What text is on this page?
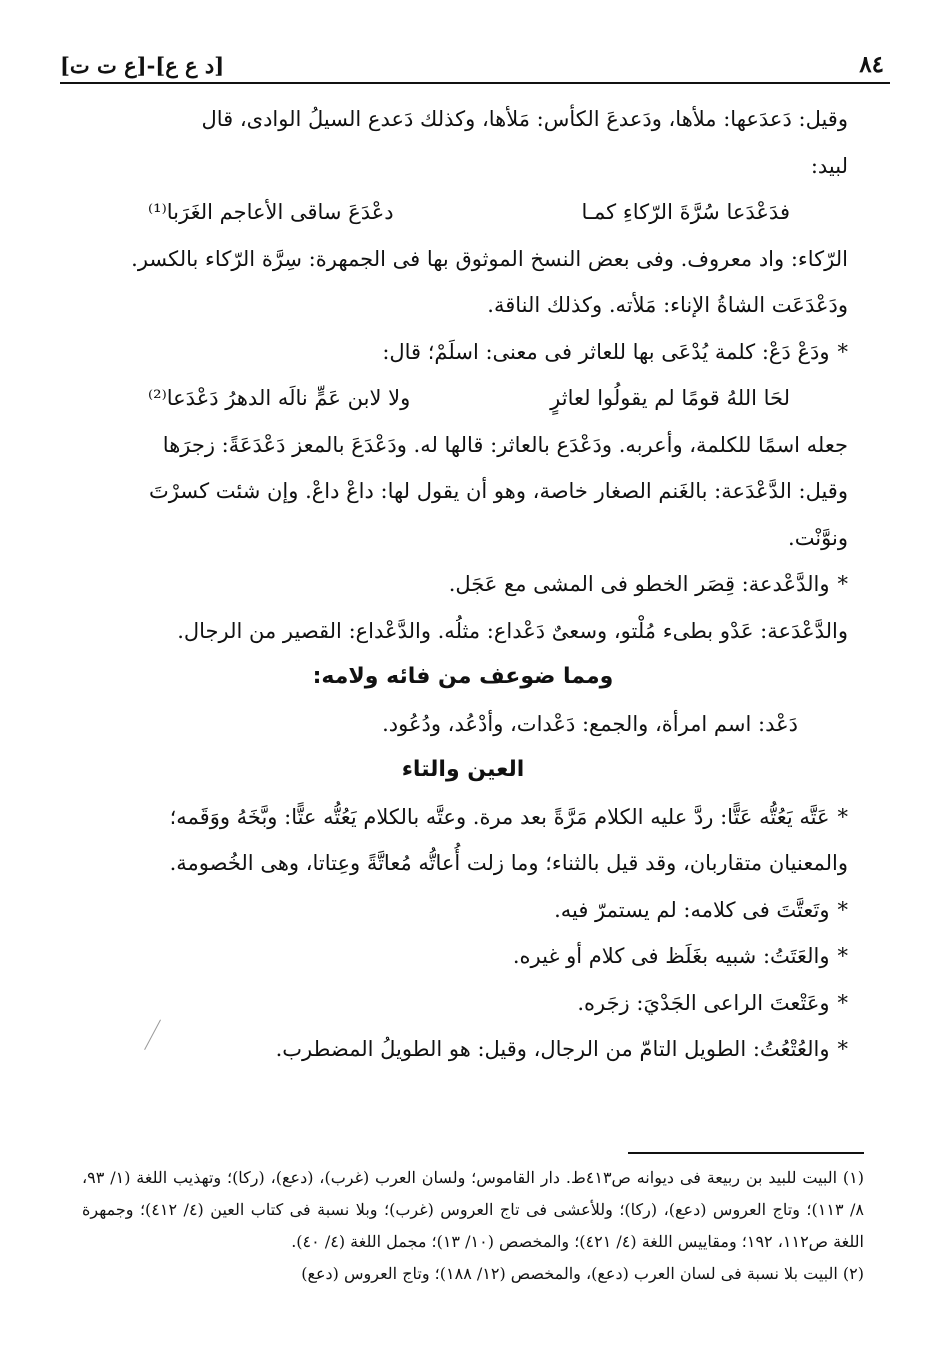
[د ع ع]-[ع ت ت]	٨٤

وقيل: دَعدَعها: ملأها، ودَعدعَ الكأس: مَلأها، وكذلك دَعدع السيلُ الوادى، قال

لبيد:

فدَعْدَعا سُرَّةَ الرّكاءِ كمـا
دعْدَعَ ساقى الأعاجم الغَرَبا⁽¹⁾

الرّكاء: واد معروف. وفى بعض النسخ الموثوق بها فى الجمهرة: سِرَّة الرّكاء بالكسر.

ودَعْدَعَت الشاةُ الإناء: مَلأته. وكذلك الناقة.

*ودَعْ دَعْ: كلمة يُدْعَى بها للعاثر فى معنى: اسلَمْ؛ قال:

لحَا اللهُ قومًا لم يقولُوا لعاثرٍ
ولا لابن عَمٍّ نالَه الدهرُ دَعْدَعا⁽²⁾

جعله اسمًا للكلمة، وأعربه. ودَعْدَع بالعاثر: قالها له. ودَعْدَعَ بالمعز دَعْدَعَةً: زجرَها

وقيل: الدَّعْدَعة: بالغَنم الصغار خاصة، وهو أن يقول لها: داعْ داعْ. وإن شئت كسرْتَ

ونوَّنْت.

*والدَّعْدعة: قِصَر الخطو فى المشى مع عَجَل.

والدَّعْدَعة: عَدْو بطىء مُلْتو، وسعىٌ دَعْداع: مثلُه. والدَّعْداع: القصير من الرجال.

ومما ضوعف من فائه ولامه:

دَعْد: اسم امرأة، والجمع: دَعْدات، وأدْعُد، ودُعُود.

العين والتاء

*عَتَّه يَعُتُّه عَتًّا: ردَّ عليه الكلام مَرَّةً بعد مرة. وعتَّه بالكلام يَعُتُّه عتًّا: وبَّخَهُ ووَقَمه؛

والمعنيان متقاربان، وقد قيل بالثناء؛ وما زلت أُعاتُّه مُعاتَّةً وعِتاتا، وهى الخُصومة.

*وتَعتَّتَ فى كلامه: لم يستمرّ فيه.

*والعَتَتُ: شبيه بغَلَظ فى كلام أو غيره.

*وعَتْعتَ الراعى الجَدْيَ: زجَره.

*والعُتْعُتُ: الطويل التامّ من الرجال، وقيل: هو الطويلُ المضطرب.

(١) البيت للبيد بن ربيعة فى ديوانه ص٤١٣ط. دار القاموس؛ ولسان العرب (غرب)، (دعع)، (ركا)؛ وتهذيب اللغة (١/ ٩٣، ٨/ ١١٣)؛ وتاج العروس (دعع)، (ركا)؛ وللأعشى فى تاج العروس (غرب)؛ وبلا نسبة فى كتاب العين (٤/ ٤١٢)؛ وجمهرة اللغة ص١١٢، ١٩٢؛ ومقاييس اللغة (٤/ ٤٢١)؛ والمخصص (١٠/ ١٣)؛ مجمل اللغة (٤/ ٤٠).

(٢) البيت بلا نسبة فى لسان العرب (دعع)، والمخصص (١٢/ ١٨٨)؛ وتاج العروس (دعع)
